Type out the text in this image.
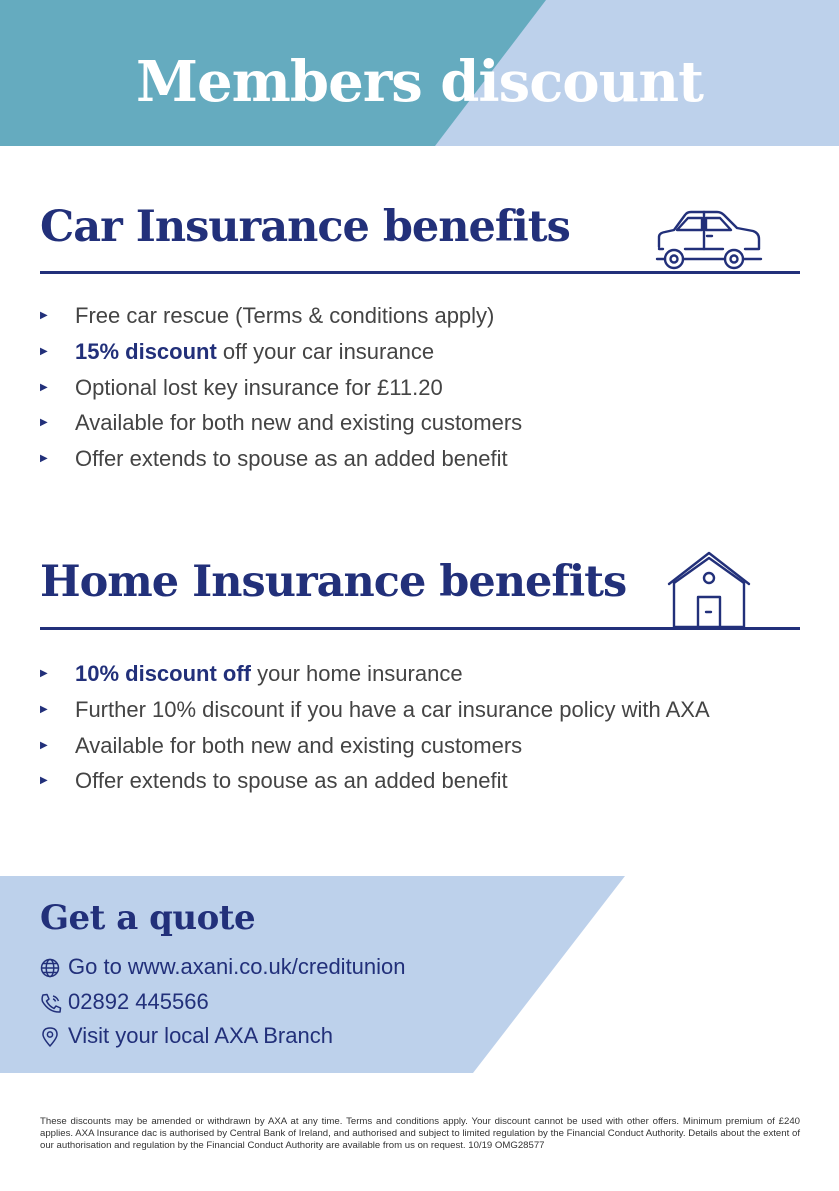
Members discount
Car Insurance benefits
▶ Free car rescue (Terms & conditions apply)
▶ 15% discount off your car insurance
▶ Optional lost key insurance for £11.20
▶ Available for both new and existing customers
▶ Offer extends to spouse as an added benefit
Home Insurance benefits
▶ 10% discount off your home insurance
▶ Further 10% discount if you have a car insurance policy with AXA
▶ Available for both new and existing customers
▶ Offer extends to spouse as an added benefit
Get a quote
Go to www.axani.co.uk/creditunion
02892 445566
Visit your local AXA Branch

These discounts may be amended or withdrawn by AXA at any time. Terms and conditions apply. Your discount cannot be used with other offers. Minimum premium of £240 applies. AXA Insurance dac is authorised by Central Bank of Ireland, and authorised and subject to limited regulation by the Financial Conduct Authority. Details about the extent of our authorisation and regulation by the Financial Conduct Authority are available from us on request. 10/19 OMG28577
